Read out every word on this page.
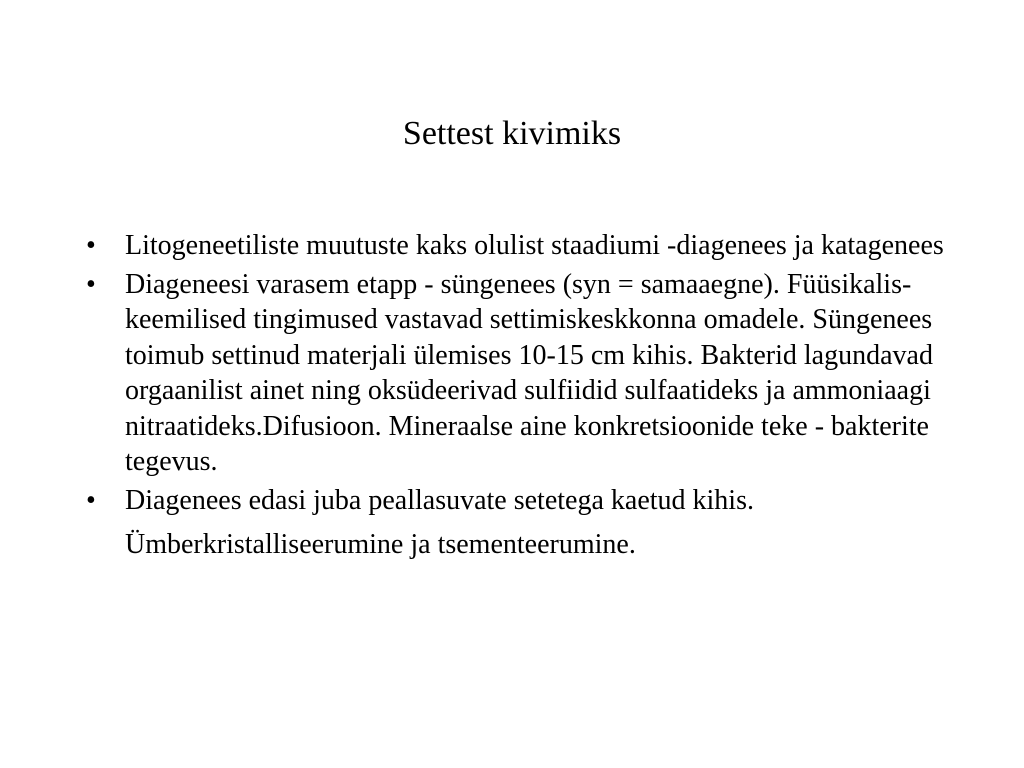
Settest kivimiks
• Litogeneetiliste muutuste kaks olulist staadiumi -diagenees ja katagenees
• Diageneesi varasem etapp - süngenees (syn = samaaegne). Füüsikalis-keemilised tingimused vastavad settimiskeskkonna omadele. Süngenees toimub settinud materjali ülemises 10-15 cm kihis. Bakterid lagundavad orgaanilist ainet ning oksüdeerivad sulfiidid sulfaatideks ja ammoniaagi nitraatideks.Difusioon. Mineraalse aine konkretsioonide teke - bakterite tegevus.
• Diagenees edasi juba peallasuvate setetega kaetud kihis.
Ümberkristalliseerumine ja tsementeerumine.
